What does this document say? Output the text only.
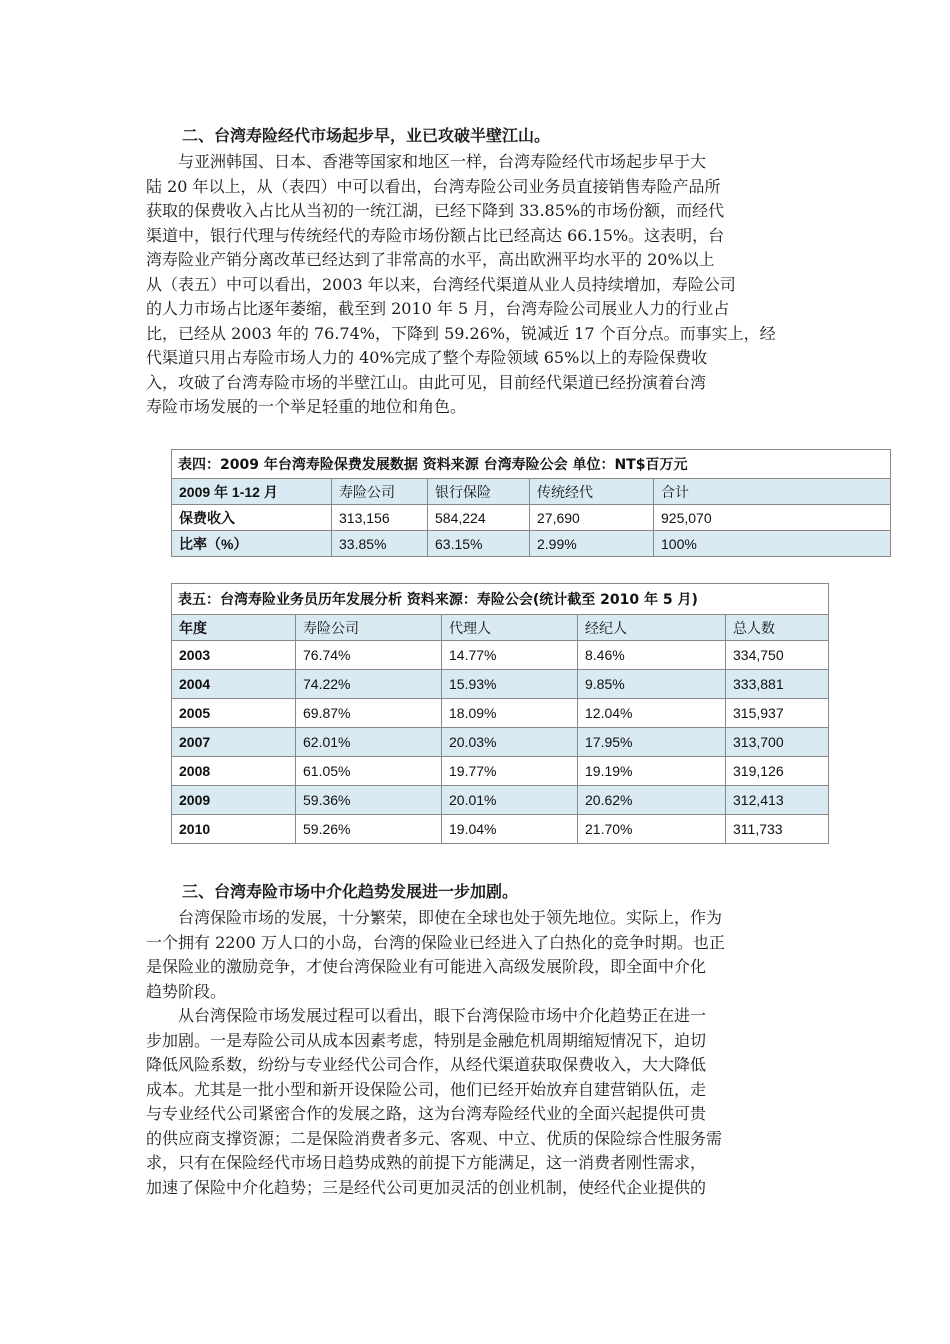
二、台湾寿险经代市场起步早，业已攻破半壁江山。
与亚洲韩国、日本、香港等国家和地区一样，台湾寿险经代市场起步早于大
陆 20 年以上，从（表四）中可以看出，台湾寿险公司业务员直接销售寿险产品所
获取的保费收入占比从当初的一统江湖，已经下降到 33.85%的市场份额，而经代
渠道中，银行代理与传统经代的寿险市场份额占比已经高达 66.15%。这表明，台
湾寿险业产销分离改革已经达到了非常高的水平，高出欧洲平均水平的 20%以上
从（表五）中可以看出，2003 年以来，台湾经代渠道从业人员持续增加，寿险公司
的人力市场占比逐年萎缩，截至到 2010 年 5 月，台湾寿险公司展业人力的行业占
比，已经从 2003 年的 76.74%，下降到 59.26%，锐减近 17 个百分点。而事实上，经
代渠道只用占寿险市场人力的 40%完成了整个寿险领域 65%以上的寿险保费收
入，攻破了台湾寿险市场的半壁江山。由此可见，目前经代渠道已经扮演着台湾
寿险市场发展的一个举足轻重的地位和角色。
表四：2009 年台湾寿险保费发展数据 资料来源 台湾寿险公会 单位：NT$百万元				
2009 年 1-12 月	寿险公司	银行保险	传统经代	合计
保费收入	313,156	584,224	27,690	925,070
比率（%）	33.85%	63.15%	2.99%	100%
表五：台湾寿险业务员历年发展分析 资料来源：寿险公会(统计截至 2010 年 5 月)				
年度	寿险公司	代理人	经纪人	总人数
2003	76.74%	14.77%	8.46%	334,750
2004	74.22%	15.93%	9.85%	333,881
2005	69.87%	18.09%	12.04%	315,937
2007	62.01%	20.03%	17.95%	313,700
2008	61.05%	19.77%	19.19%	319,126
2009	59.36%	20.01%	20.62%	312,413
2010	59.26%	19.04%	21.70%	311,733
三、台湾寿险市场中介化趋势发展进一步加剧。
台湾保险市场的发展，十分繁荣，即使在全球也处于领先地位。实际上，作为
一个拥有 2200 万人口的小岛，台湾的保险业已经进入了白热化的竞争时期。也正
是保险业的激励竞争，才使台湾保险业有可能进入高级发展阶段，即全面中介化
趋势阶段。
从台湾保险市场发展过程可以看出，眼下台湾保险市场中介化趋势正在进一
步加剧。一是寿险公司从成本因素考虑，特别是金融危机周期缩短情况下，迫切
降低风险系数，纷纷与专业经代公司合作，从经代渠道获取保费收入，大大降低
成本。尤其是一批小型和新开设保险公司，他们已经开始放弃自建营销队伍，走
与专业经代公司紧密合作的发展之路，这为台湾寿险经代业的全面兴起提供可贵
的供应商支撑资源；二是保险消费者多元、客观、中立、优质的保险综合性服务需
求，只有在保险经代市场日趋势成熟的前提下方能满足，这一消费者刚性需求，
加速了保险中介化趋势；三是经代公司更加灵活的创业机制，使经代企业提供的
